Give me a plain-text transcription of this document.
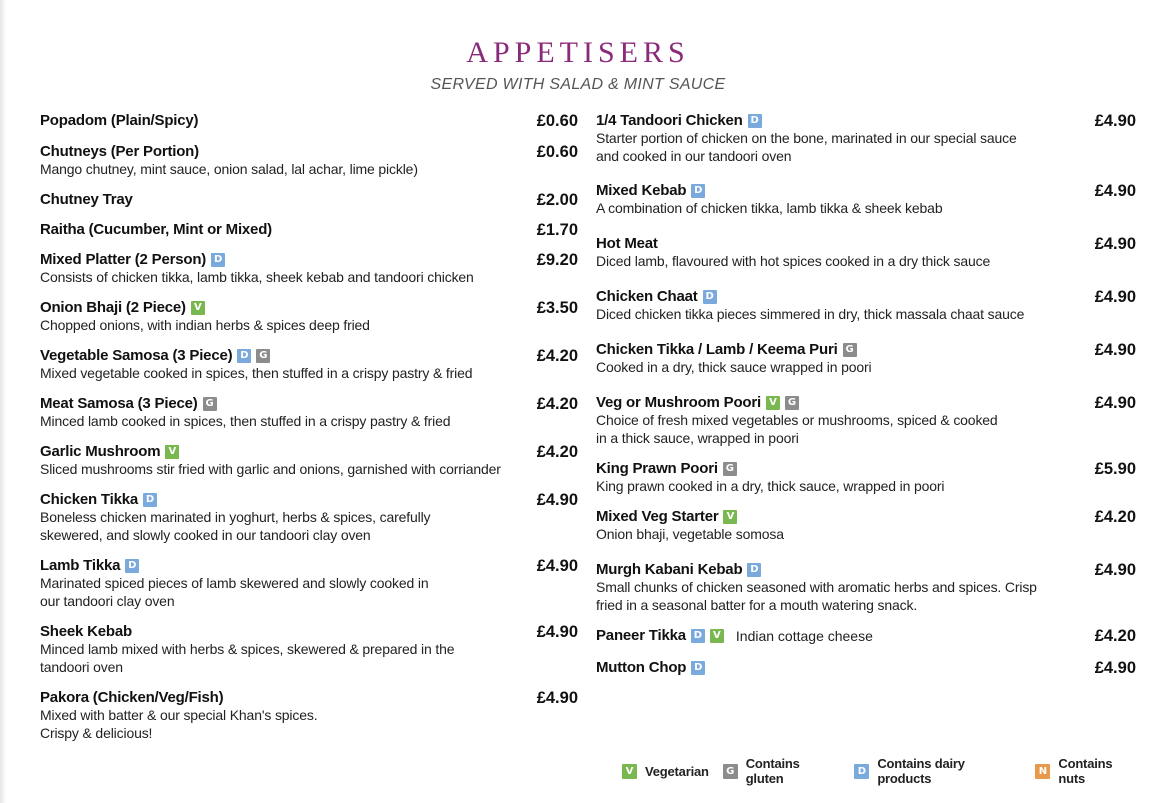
APPETISERS
SERVED WITH SALAD & MINT SAUCE
Popadom (Plain/Spicy)	£0.60
Chutneys (Per Portion)	£0.60
Mango chutney, mint sauce, onion salad, lal achar, lime pickle)
Chutney Tray	£2.00
Raitha (Cucumber, Mint or Mixed)	£1.70
Mixed Platter (2 Person) D	£9.20
Consists of chicken tikka, lamb tikka, sheek kebab and tandoori chicken
Onion Bhaji (2 Piece) V	£3.50
Chopped onions, with indian herbs & spices deep fried
Vegetable Samosa (3 Piece) D G	£4.20
Mixed vegetable cooked in spices, then stuffed in a crispy pastry & fried
Meat Samosa (3 Piece) G	£4.20
Minced lamb cooked in spices, then stuffed in a crispy pastry & fried
Garlic Mushroom V	£4.20
Sliced mushrooms stir fried with garlic and onions, garnished with corriander
Chicken Tikka D	£4.90
Boneless chicken marinated in yoghurt, herbs & spices, carefully
skewered, and slowly cooked in our tandoori clay oven
Lamb Tikka D	£4.90
Marinated spiced pieces of lamb skewered and slowly cooked in
our tandoori clay oven
Sheek Kebab	£4.90
Minced lamb mixed with herbs & spices, skewered & prepared in the
tandoori oven
Pakora (Chicken/Veg/Fish)	£4.90
Mixed with batter & our special Khan's spices.
Crispy & delicious!
1/4 Tandoori Chicken D	£4.90
Starter portion of chicken on the bone, marinated in our special sauce
and cooked in our tandoori oven
Mixed Kebab D	£4.90
A combination of chicken tikka, lamb tikka & sheek kebab
Hot Meat	£4.90
Diced lamb, flavoured with hot spices cooked in a dry thick sauce
Chicken Chaat D	£4.90
Diced chicken tikka pieces simmered in dry, thick massala chaat sauce
Chicken Tikka / Lamb / Keema Puri G	£4.90
Cooked in a dry, thick sauce wrapped in poori
Veg or Mushroom Poori V	G	£4.90
Choice of fresh mixed vegetables or mushrooms, spiced & cooked
in a thick sauce, wrapped in poori
King Prawn Poori G	£5.90
King prawn cooked in a dry, thick sauce, wrapped in poori
Mixed Veg Starter V	£4.20
Onion bhaji, vegetable somosa
Murgh Kabani Kebab D	£4.90
Small chunks of chicken seasoned with aromatic herbs and spices. Crisp
fried in a seasonal batter for a mouth watering snack.
Paneer Tikka D	V Indian cottage cheese	£4.20
Mutton Chop D	£4.90
V Vegetarian	G Contains gluten	D Contains dairy products	N Contains nuts
